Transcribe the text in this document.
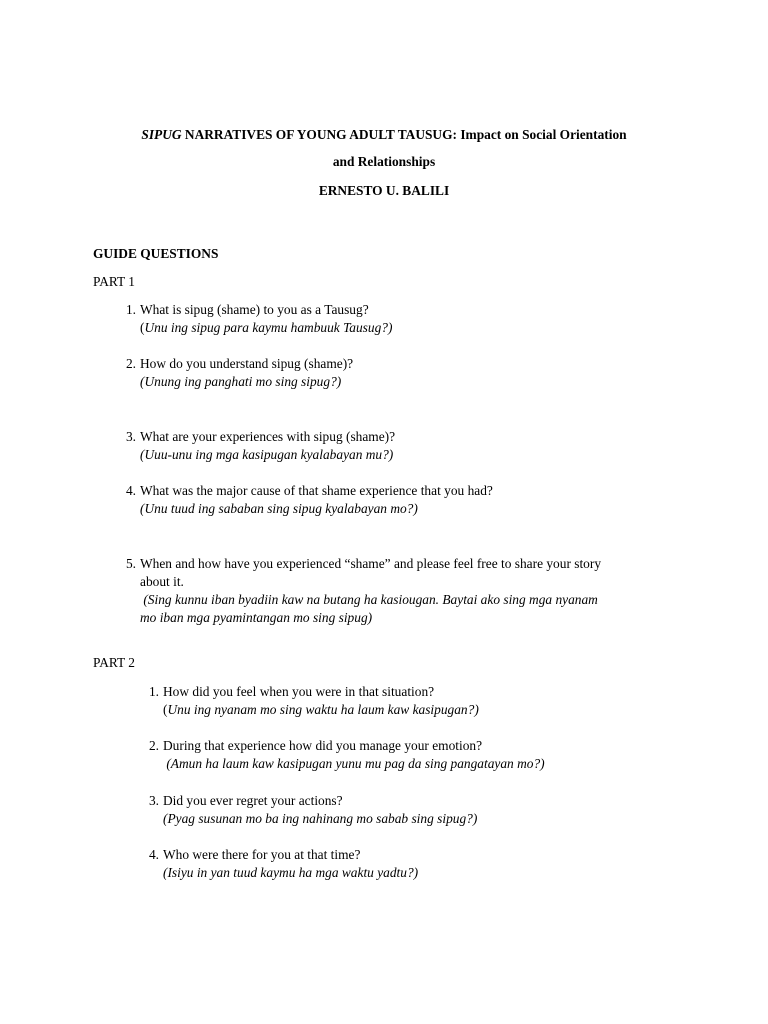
SIPUG NARRATIVES OF YOUNG ADULT TAUSUG: Impact on Social Orientation
and Relationships
ERNESTO U. BALILI
GUIDE QUESTIONS
PART 1
1. What is sipug (shame) to you as a Tausug?
(Unu ing sipug para kaymu hambuuk Tausug?)
2. How do you understand sipug (shame)?
(Unung ing panghati mo sing sipug?)
3. What are your experiences with sipug (shame)?
(Uuu-unu ing mga kasipugan kyalabayan mu?)
4. What was the major cause of that shame experience that you had?
(Unu tuud ing sababan sing sipug kyalabayan mo?)
5. When and how have you experienced “shame” and please feel free to share your story
about it.
(Sing kunnu iban byadiin kaw na butang ha kasiougan. Baytai ako sing mga nyanam
mo iban mga pyamintangan mo sing sipug)
PART 2
1. How did you feel when you were in that situation?
(Unu ing nyanam mo sing waktu ha laum kaw kasipugan?)
2. During that experience how did you manage your emotion?
(Amun ha laum kaw kasipugan yunu mu pag da sing pangatayan mo?)
3. Did you ever regret your actions?
(Pyag susunan mo ba ing nahinang mo sabab sing sipug?)
4. Who were there for you at that time?
(Isiyu in yan tuud kaymu ha mga waktu yadtu?)
